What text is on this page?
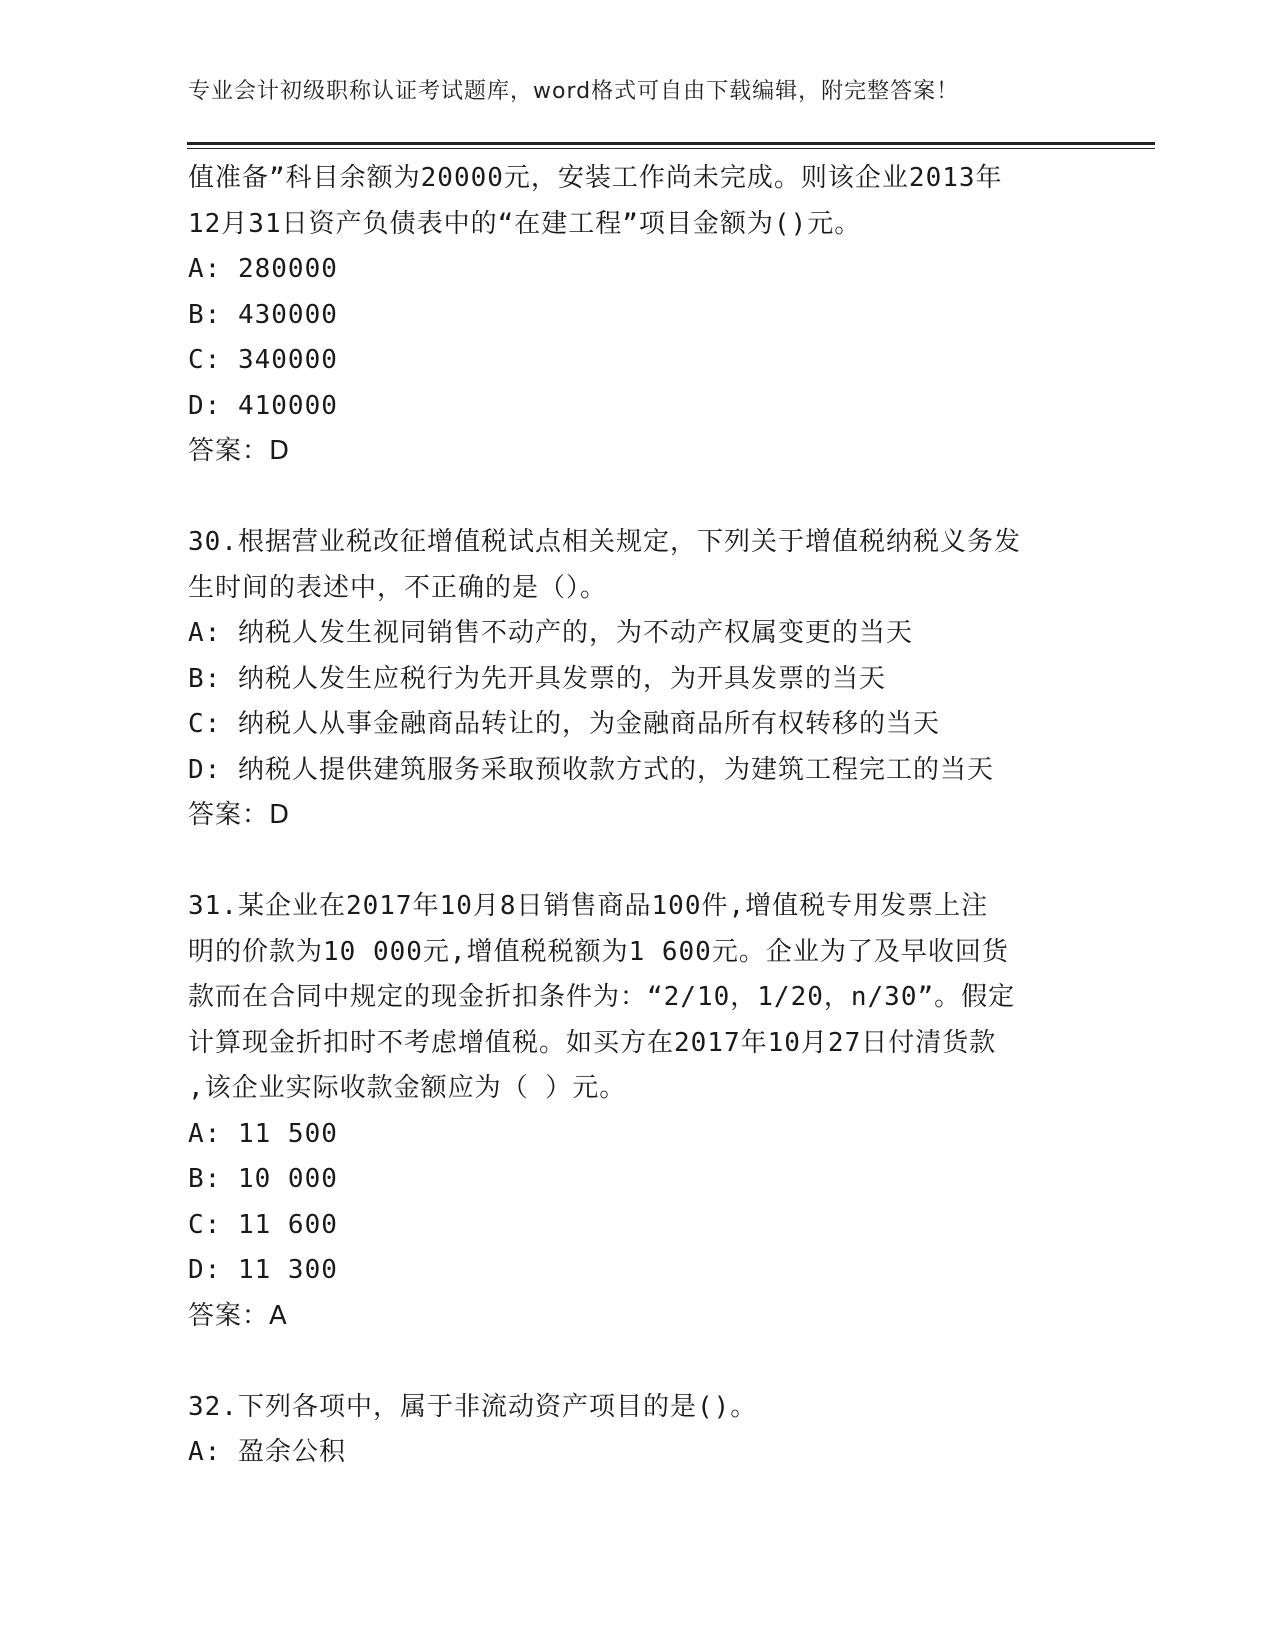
专业会计初级职称认证考试题库，word格式可自由下载编辑，附完整答案！
值准备”科目余额为20000元，安装工作尚未完成。则该企业2013年
12月31日资产负债表中的“在建工程”项目金额为()元。
A: 280000
B: 430000
C: 340000
D: 410000
答案：D
30.根据营业税改征增值税试点相关规定，下列关于增值税纳税义务发
生时间的表述中，不正确的是（）。
A: 纳税人发生视同销售不动产的，为不动产权属变更的当天
B: 纳税人发生应税行为先开具发票的，为开具发票的当天
C: 纳税人从事金融商品转让的，为金融商品所有权转移的当天
D: 纳税人提供建筑服务采取预收款方式的，为建筑工程完工的当天
答案：D
31.某企业在2017年10月8日销售商品100件,增值税专用发票上注
明的价款为10 000元,增值税税额为1 600元。企业为了及早收回货
款而在合同中规定的现金折扣条件为：“2/10，1/20，n/30”。假定
计算现金折扣时不考虑增值税。如买方在2017年10月27日付清货款
,该企业实际收款金额应为（ ）元。
A: 11 500
B: 10 000
C: 11 600
D: 11 300
答案：A
32.下列各项中，属于非流动资产项目的是()。
A: 盈余公积
